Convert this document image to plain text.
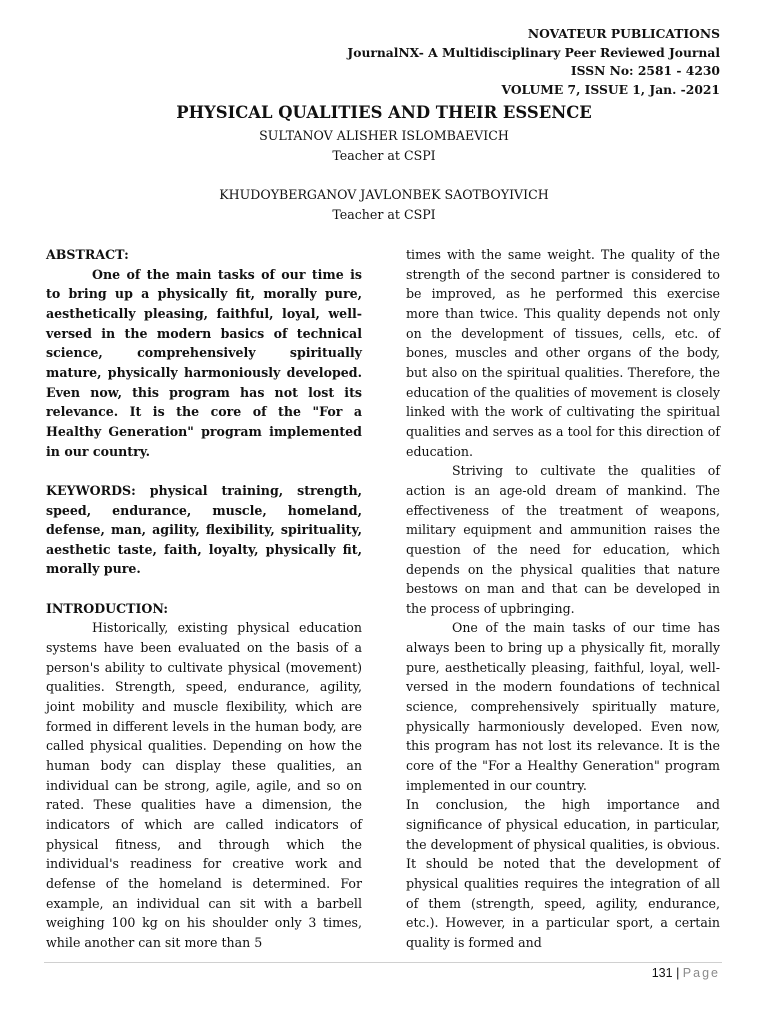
NOVATEUR PUBLICATIONS
JournalNX- A Multidisciplinary Peer Reviewed Journal
ISSN No: 2581 - 4230
VOLUME 7, ISSUE 1, Jan. -2021
PHYSICAL QUALITIES AND THEIR ESSENCE
SULTANOV ALISHER ISLOMBAEVICH
Teacher at CSPI
KHUDOYBERGANOV JAVLONBEK SAOTBOYIVICH
Teacher at CSPI

ABSTRACT:

One of the main tasks of our time is to bring up a physically fit, morally pure, aesthetically pleasing, faithful, loyal, well-versed in the modern basics of technical science, comprehensively spiritually mature, physically harmoniously developed. Even now, this program has not lost its relevance. It is the core of the "For a Healthy Generation" program implemented in our country.

KEYWORDS: physical training, strength, speed, endurance, muscle, homeland, defense, man, agility, flexibility, spirituality, aesthetic taste, faith, loyalty, physically fit, morally pure.

INTRODUCTION:

Historically, existing physical education systems have been evaluated on the basis of a person's ability to cultivate physical (movement) qualities. Strength, speed, endurance, agility, joint mobility and muscle flexibility, which are formed in different levels in the human body, are called physical qualities. Depending on how the human body can display these qualities, an individual can be strong, agile, agile, and so on rated. These qualities have a dimension, the indicators of which are called indicators of physical fitness, and through which the individual's readiness for creative work and defense of the homeland is determined. For example, an individual can sit with a barbell weighing 100 kg on his shoulder only 3 times, while another can sit more than 5

times with the same weight. The quality of the strength of the second partner is considered to be improved, as he performed this exercise more than twice. This quality depends not only on the development of tissues, cells, etc. of bones, muscles and other organs of the body, but also on the spiritual qualities. Therefore, the education of the qualities of movement is closely linked with the work of cultivating the spiritual qualities and serves as a tool for this direction of education.

Striving to cultivate the qualities of action is an age-old dream of mankind. The effectiveness of the treatment of weapons, military equipment and ammunition raises the question of the need for education, which depends on the physical qualities that nature bestows on man and that can be developed in the process of upbringing.

One of the main tasks of our time has always been to bring up a physically fit, morally pure, aesthetically pleasing, faithful, loyal, well-versed in the modern foundations of technical science, comprehensively spiritually mature, physically harmoniously developed. Even now, this program has not lost its relevance. It is the core of the "For a Healthy Generation" program implemented in our country.

In conclusion, the high importance and significance of physical education, in particular, the development of physical qualities, is obvious. It should be noted that the development of physical qualities requires the integration of all of them (strength, speed, agility, endurance, etc.). However, in a particular sport, a certain quality is formed and

131 | Page
